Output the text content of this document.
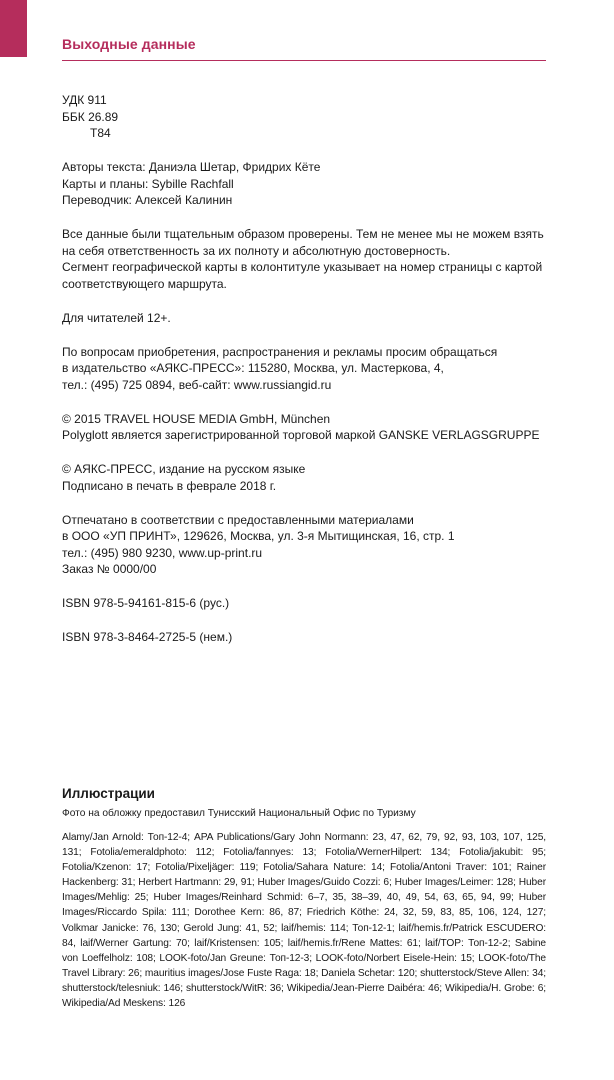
Выходные данные

УДК 911

ББК 26.89

Т84

Авторы текста: Даниэла Шетар, Фридрих Кёте

Карты и планы: Sybille Rachfall

Переводчик: Алексей Калинин

Все данные были тщательным образом проверены. Тем не менее мы не можем взять

на себя ответственность за их полноту и абсолютную достоверность.

Сегмент географической карты в колонтитуле указывает на номер страницы с картой

соответствующего маршрута.

Для читателей 12+.

По вопросам приобретения, распространения и рекламы просим обращаться

в издательство «АЯКС-ПРЕСС»: 115280, Москва, ул. Мастеркова, 4,

тел.: (495) 725 0894, веб-сайт: www.russiangid.ru

© 2015 TRAVEL HOUSE MEDIA GmbH, München

Polyglott является зарегистрированной торговой маркой GANSKE VERLAGSGRUPPE

© АЯКС-ПРЕСС, издание на русском языке

Подписано в печать в феврале 2018 г.

Отпечатано в соответствии с предоставленными материалами

в ООО «УП ПРИНТ», 129626, Москва, ул. 3-я Мытищинская, 16, стр. 1

тел.: (495) 980 9230, www.up-print.ru

Заказ № 0000/00

ISBN 978-5-94161-815-6 (рус.)

ISBN 978-3-8464-2725-5 (нем.)

Иллюстрации

Фото на обложку предоставил Тунисский Национальный Офис по Туризму

Alamy/Jan Arnold: Топ-12-4; APA Publications/Gary John Normann: 23, 47, 62, 79, 92, 93, 103, 107, 125, 131; Fotolia/emeraldphoto: 112; Fotolia/fannyes: 13; Fotolia/WernerHilpert: 134; Fotolia/jakubit: 95; Fotolia/Kzenon: 17; Fotolia/Pixeljäger: 119; Fotolia/Sahara Nature: 14; Fotolia/Antoni Traver: 101; Rainer Hackenberg: 31; Herbert Hartmann: 29, 91; Huber Images/Guido Cozzi: 6; Huber Images/Leimer: 128; Huber Images/Mehlig: 25; Huber Images/Reinhard Schmid: 6–7, 35, 38–39, 40, 49, 54, 63, 65, 94, 99; Huber Images/Riccardo Spila: 111; Dorothee Kern: 86, 87; Friedrich Köthe: 24, 32, 59, 83, 85, 106, 124, 127; Volkmar Janicke: 76, 130; Gerold Jung: 41, 52; laif/hemis: 114; Топ-12-1; laif/hemis.fr/Patrick ESCUDERO: 84, laif/Werner Gartung: 70; laif/Kristensen: 105; laif/hemis.fr/Rene Mattes: 61; laif/TOP: Топ-12-2; Sabine von Loeffelholz: 108; LOOK-foto/Jan Greune: Топ-12-3; LOOK-foto/Norbert Eisele-Hein: 15; LOOK-foto/The Travel Library: 26; mauritius images/Jose Fuste Raga: 18; Daniela Schetar: 120; shutterstock/Steve Allen: 34; shutterstock/telesniuk: 146; shutterstock/WitR: 36; Wikipedia/Jean-Pierre Daibéra: 46; Wikipedia/H. Grobe: 6; Wikipedia/Ad Meskens: 126
